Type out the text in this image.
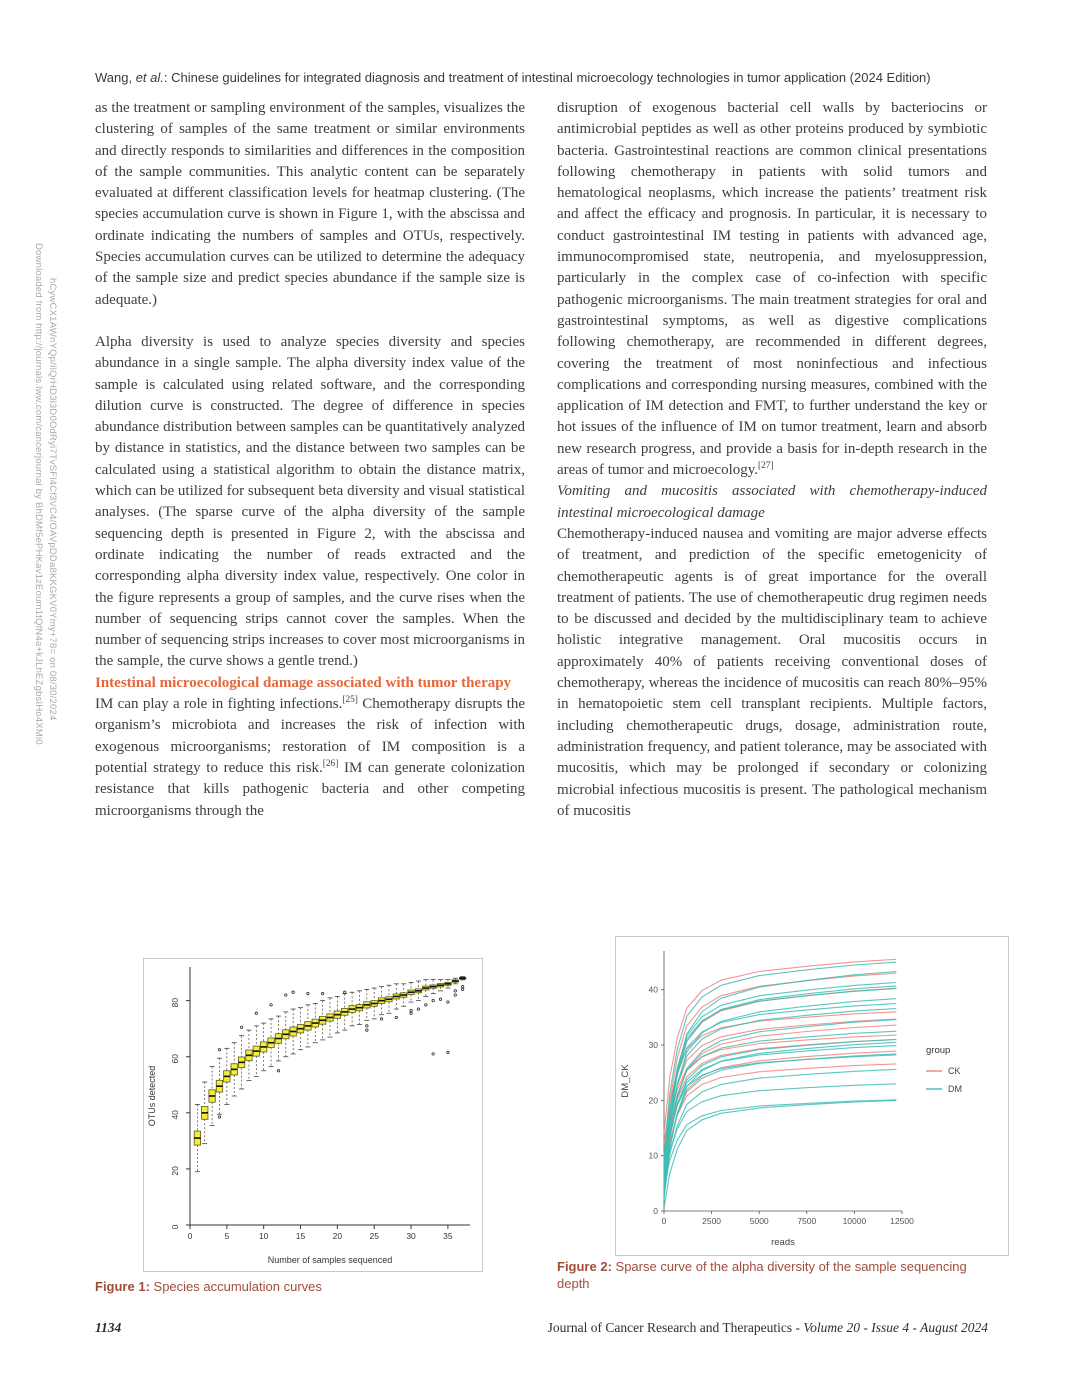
Downloaded from http://journals.lww.com/cancerjournal by BhDMf5ePHKav1zEoum1tQfN4a+kJLhEZgbsIHo4XMi0 hCywCX1AWnYQp/IlQrHD3i3D0OdRyi7TvSFl4Cf3VC4/OAVpDDa8KKGKV0Ymy+78= on 08/30/2024
Wang, et al.: Chinese guidelines for integrated diagnosis and treatment of intestinal microecology technologies in tumor application (2024 Edition)

as the treatment or sampling environment of the samples, visualizes the clustering of samples of the same treatment or similar environments and directly responds to similarities and differences in the composition of the sample communities. This analytic content can be separately evaluated at different classification levels for heatmap clustering. (The species accumulation curve is shown in Figure 1, with the abscissa and ordinate indicating the numbers of samples and OTUs, respectively. Species accumulation curves can be utilized to determine the adequacy of the sample size and predict species abundance if the sample size is adequate.)

Alpha diversity is used to analyze species diversity and species abundance in a single sample. The alpha diversity index value of the sample is calculated using related software, and the corresponding dilution curve is constructed. The degree of difference in species abundance distribution between samples can be quantitatively analyzed by distance in statistics, and the distance between two samples can be calculated using a statistical algorithm to obtain the distance matrix, which can be utilized for subsequent beta diversity and visual statistical analyses. (The sparse curve of the alpha diversity of the sample sequencing depth is presented in Figure 2, with the abscissa and ordinate indicating the number of reads extracted and the corresponding alpha diversity index value, respectively. One color in the figure represents a group of samples, and the curve rises when the number of sequencing strips cannot cover the samples. When the number of sequencing strips increases to cover most microorganisms in the sample, the curve shows a gentle trend.)

Intestinal microecological damage associated with tumor therapy

IM can play a role in fighting infections.[25] Chemotherapy disrupts the organism’s microbiota and increases the risk of infection with exogenous microorganisms; restoration of IM composition is a potential strategy to reduce this risk.[26] IM can generate colonization resistance that kills pathogenic bacteria and other competing microorganisms through the

disruption of exogenous bacterial cell walls by bacteriocins or antimicrobial peptides as well as other proteins produced by symbiotic bacteria. Gastrointestinal reactions are common clinical presentations following chemotherapy in patients with solid tumors and hematological neoplasms, which increase the patients’ treatment risk and affect the efficacy and prognosis. In particular, it is necessary to conduct gastrointestinal IM testing in patients with advanced age, immunocompromised state, neutropenia, and myelosuppression, particularly in the complex case of co-infection with specific pathogenic microorganisms. The main treatment strategies for oral and gastrointestinal symptoms, as well as digestive complications following chemotherapy, are recommended in different degrees, covering the treatment of most noninfectious and infectious complications and corresponding nursing measures, combined with the application of IM detection and FMT, to further understand the key or hot issues of the influence of IM on tumor treatment, learn and absorb new research progress, and provide a basis for in-depth research in the areas of tumor and microecology.[27]

Vomiting and mucositis associated with chemotherapy-induced intestinal microecological damage

Chemotherapy-induced nausea and vomiting are major adverse effects of treatment, and prediction of the specific emetogenicity of chemotherapeutic agents is of great importance for the overall treatment of patients. The use of chemotherapeutic drug regimen needs to be discussed and decided by the multidisciplinary team to achieve holistic integrative management. Oral mucositis occurs in approximately 40% of patients receiving conventional doses of chemotherapy, whereas the incidence of mucositis can reach 80%–95% in hematopoietic stem cell transplant recipients. Multiple factors, including chemotherapeutic drugs, dosage, administration route, administration frequency, and patient tolerance, may be associated with mucositis, which may be prolonged if secondary or colonizing microbial infectious mucositis is present. The pathological mechanism of mucositis

0
20
40
60
80
0	5	10	15	20	25	30	35
Number of samples sequenced
OTUs detected
Figure 1: Species accumulation curves
0
10
20
30
40
0	2500	5000	7500	10000	12500
reads
DM_CK
group
CK
DM
Figure 2: Sparse curve of the alpha diversity of the sample sequencing depth
1134	Journal of Cancer Research and Therapeutics - Volume 20 - Issue 4 - August 2024
